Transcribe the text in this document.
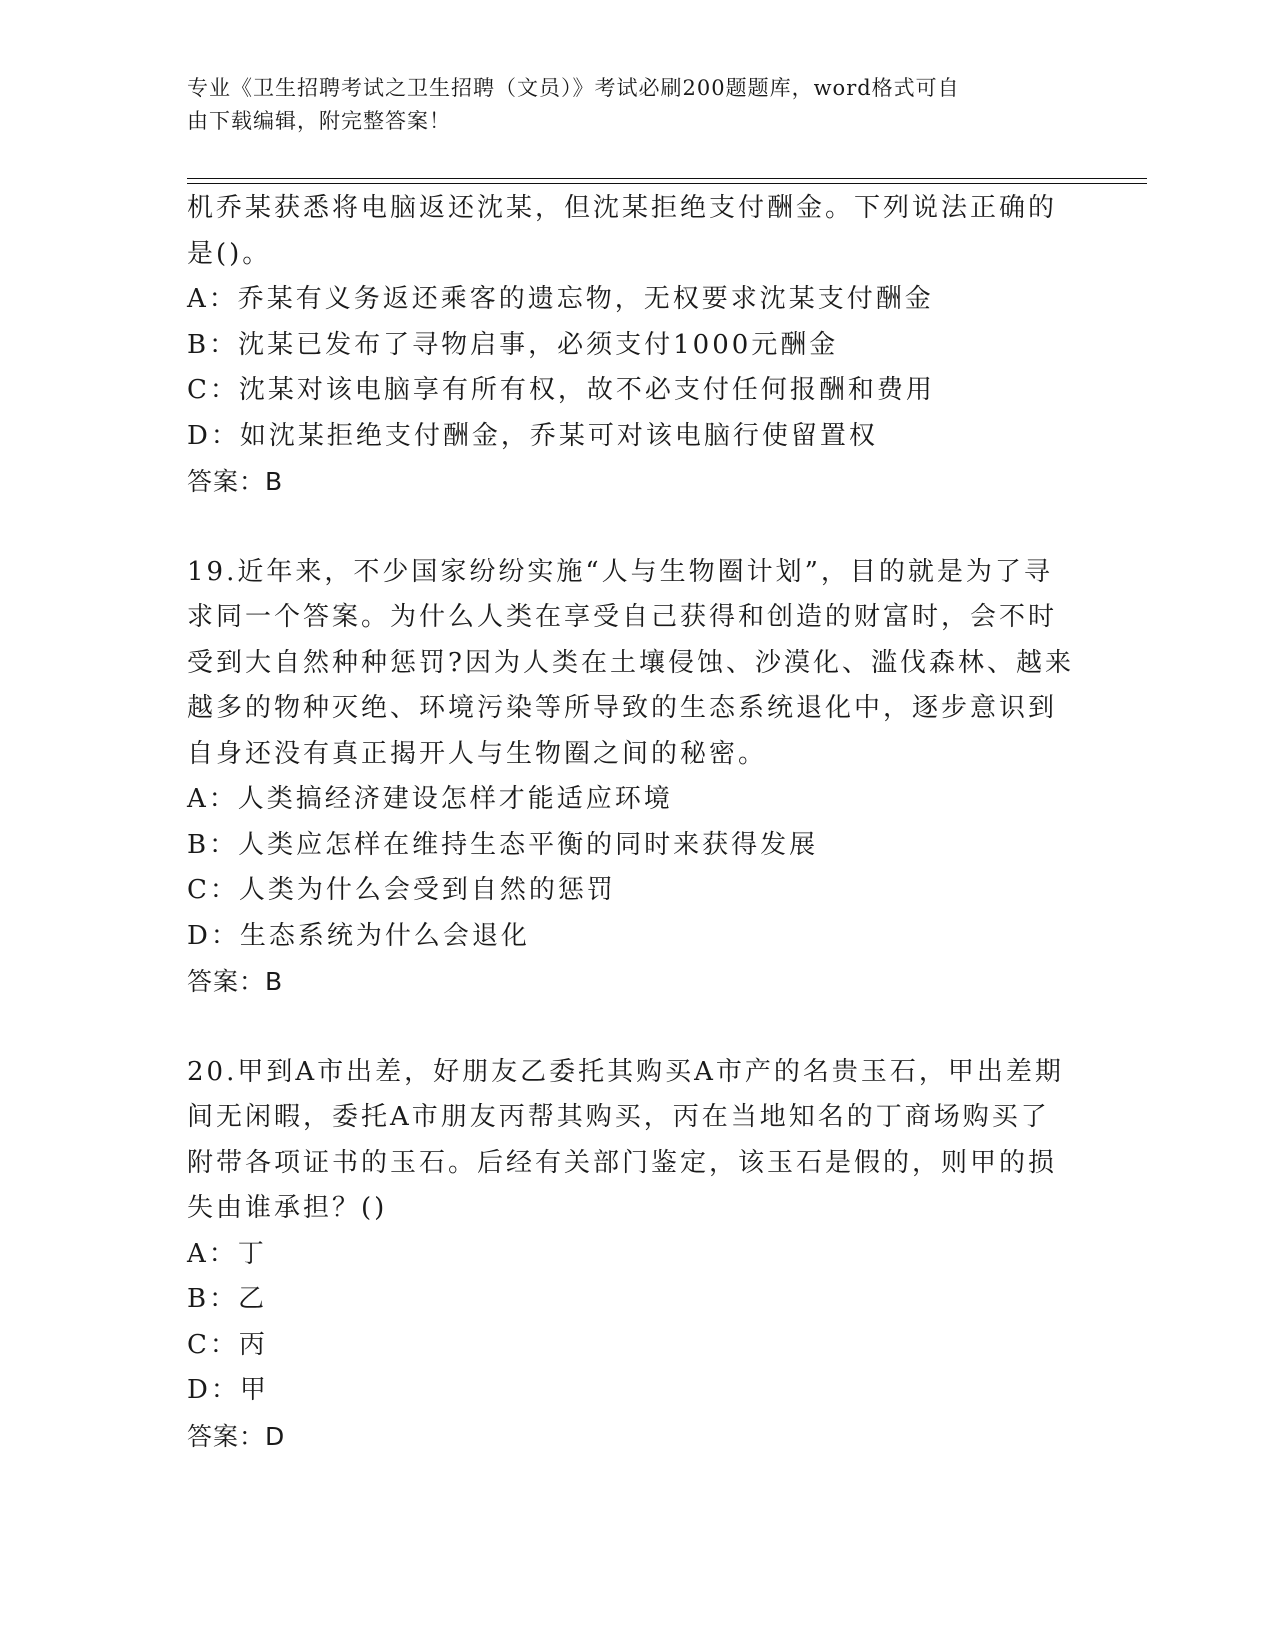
专业《卫生招聘考试之卫生招聘（文员）》考试必刷200题题库，word格式可自
由下载编辑，附完整答案！
机乔某获悉将电脑返还沈某，但沈某拒绝支付酬金。下列说法正确的
是()。
A：乔某有义务返还乘客的遗忘物，无权要求沈某支付酬金
B：沈某已发布了寻物启事，必须支付1000元酬金
C：沈某对该电脑享有所有权，故不必支付任何报酬和费用
D：如沈某拒绝支付酬金，乔某可对该电脑行使留置权
答案：B
19.近年来，不少国家纷纷实施“人与生物圈计划”，目的就是为了寻
求同一个答案。为什么人类在享受自己获得和创造的财富时，会不时
受到大自然种种惩罚?因为人类在土壤侵蚀、沙漠化、滥伐森林、越来
越多的物种灭绝、环境污染等所导致的生态系统退化中，逐步意识到
自身还没有真正揭开人与生物圈之间的秘密。
A：人类搞经济建设怎样才能适应环境
B：人类应怎样在维持生态平衡的同时来获得发展
C：人类为什么会受到自然的惩罚
D：生态系统为什么会退化
答案：B
20.甲到A市出差，好朋友乙委托其购买A市产的名贵玉石，甲出差期
间无闲暇，委托A市朋友丙帮其购买，丙在当地知名的丁商场购买了
附带各项证书的玉石。后经有关部门鉴定，该玉石是假的，则甲的损
失由谁承担？()
A：丁
B：乙
C：丙
D：甲
答案：D
